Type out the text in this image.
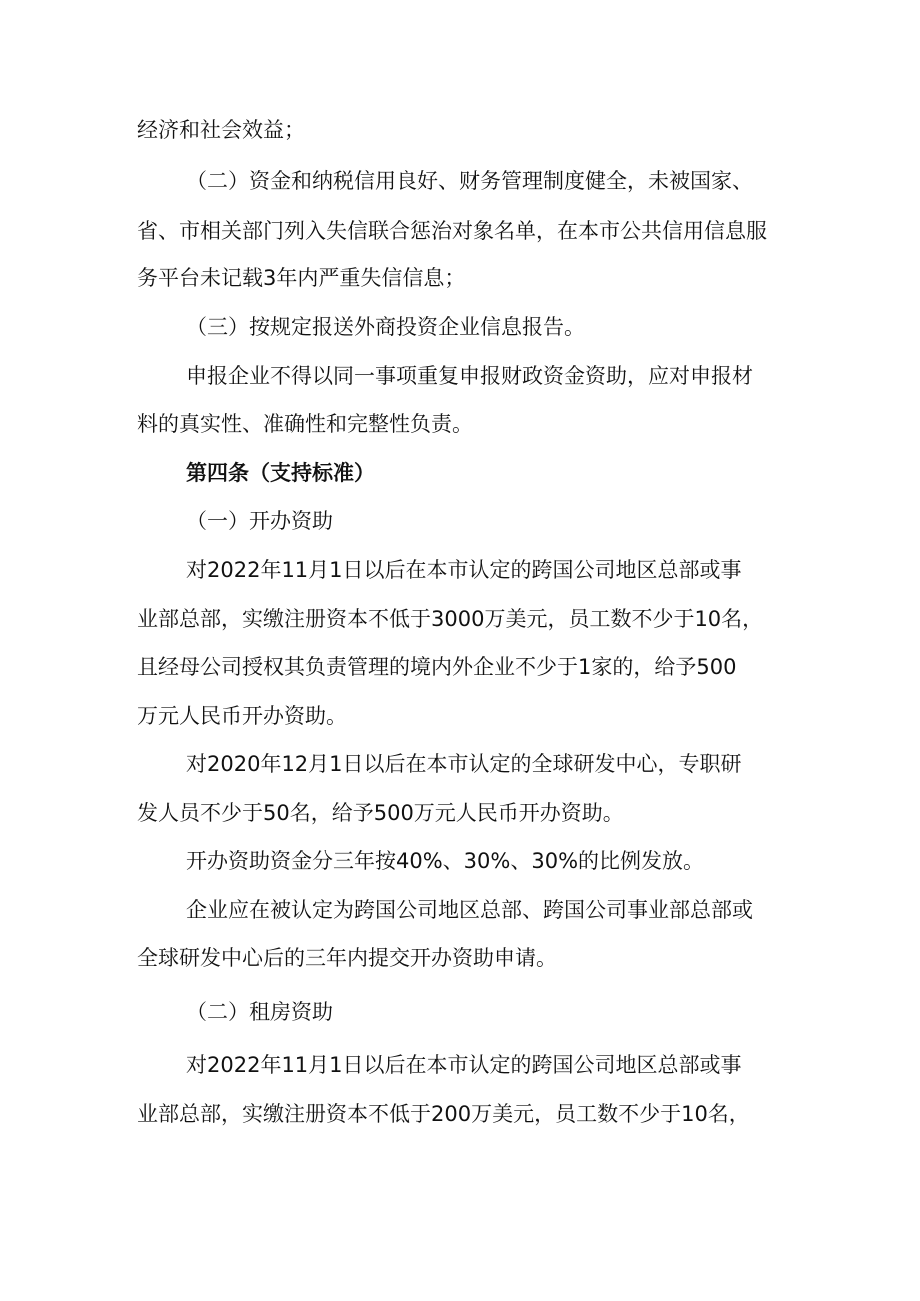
经济和社会效益；
（二）资金和纳税信用良好、财务管理制度健全，未被国家、
省、市相关部门列入失信联合惩治对象名单，在本市公共信用信息服
务平台未记载3年内严重失信信息；
（三）按规定报送外商投资企业信息报告。
申报企业不得以同一事项重复申报财政资金资助，应对申报材
料的真实性、准确性和完整性负责。
第四条（支持标准）
（一）开办资助
对2022年11月1日以后在本市认定的跨国公司地区总部或事
业部总部，实缴注册资本不低于3000万美元，员工数不少于10名，
且经母公司授权其负责管理的境内外企业不少于1家的，给予500
万元人民币开办资助。
对2020年12月1日以后在本市认定的全球研发中心，专职研
发人员不少于50名，给予500万元人民币开办资助。
开办资助资金分三年按40%、30%、30%的比例发放。
企业应在被认定为跨国公司地区总部、跨国公司事业部总部或
全球研发中心后的三年内提交开办资助申请。
（二）租房资助
对2022年11月1日以后在本市认定的跨国公司地区总部或事
业部总部，实缴注册资本不低于200万美元，员工数不少于10名，
